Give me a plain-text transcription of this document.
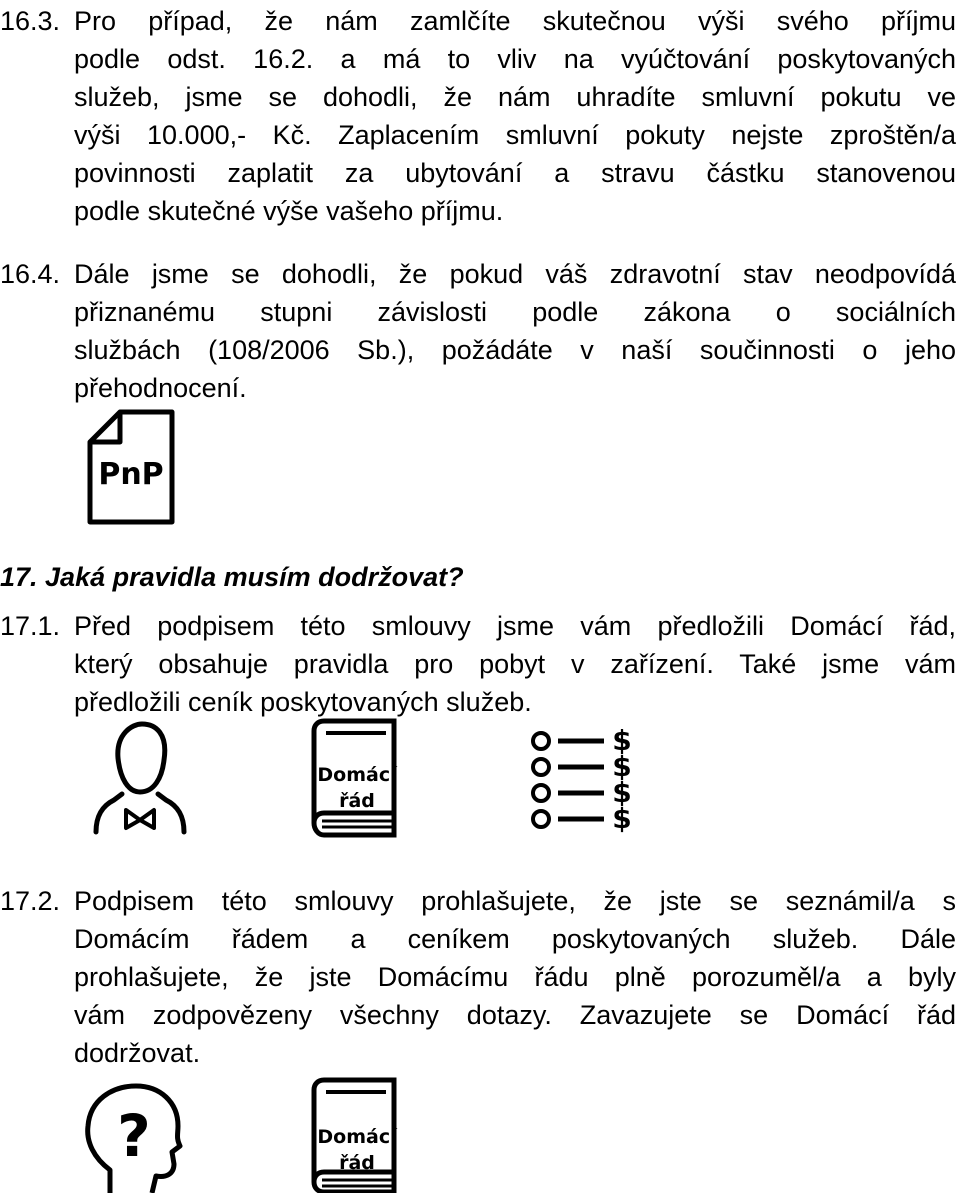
16.3. Pro případ, že nám zamlčíte skutečnou výši svého příjmu
podle odst. 16.2. a má to vliv na vyúčtování poskytovaných
služeb, jsme se dohodli, že nám uhradíte smluvní pokutu ve
výši 10.000,- Kč. Zaplacením smluvní pokuty nejste zproštěn/a
povinnosti zaplatit za ubytování a stravu částku stanovenou
podle skutečné výše vašeho příjmu.
16.4. Dále jsme se dohodli, že pokud váš zdravotní stav neodpovídá
přiznanému stupni závislosti podle zákona o sociálních
službách (108/2006 Sb.), požádáte v naší součinnosti o jeho
přehodnocení.
PnP
17. Jaká pravidla musím dodržovat?
17.1. Před podpisem této smlouvy jsme vám předložili Domácí řád,
který obsahuje pravidla pro pobyt v zařízení. Také jsme vám
předložili ceník poskytovaných služeb.
Domácí
řád
$
$
$
$
17.2. Podpisem této smlouvy prohlašujete, že jste se seznámil/a s
Domácím řádem a ceníkem poskytovaných služeb. Dále
prohlašujete, že jste Domácímu řádu plně porozuměl/a a byly
vám zodpovězeny všechny dotazy. Zavazujete se Domácí řád
dodržovat.
?	Domácí
řád
